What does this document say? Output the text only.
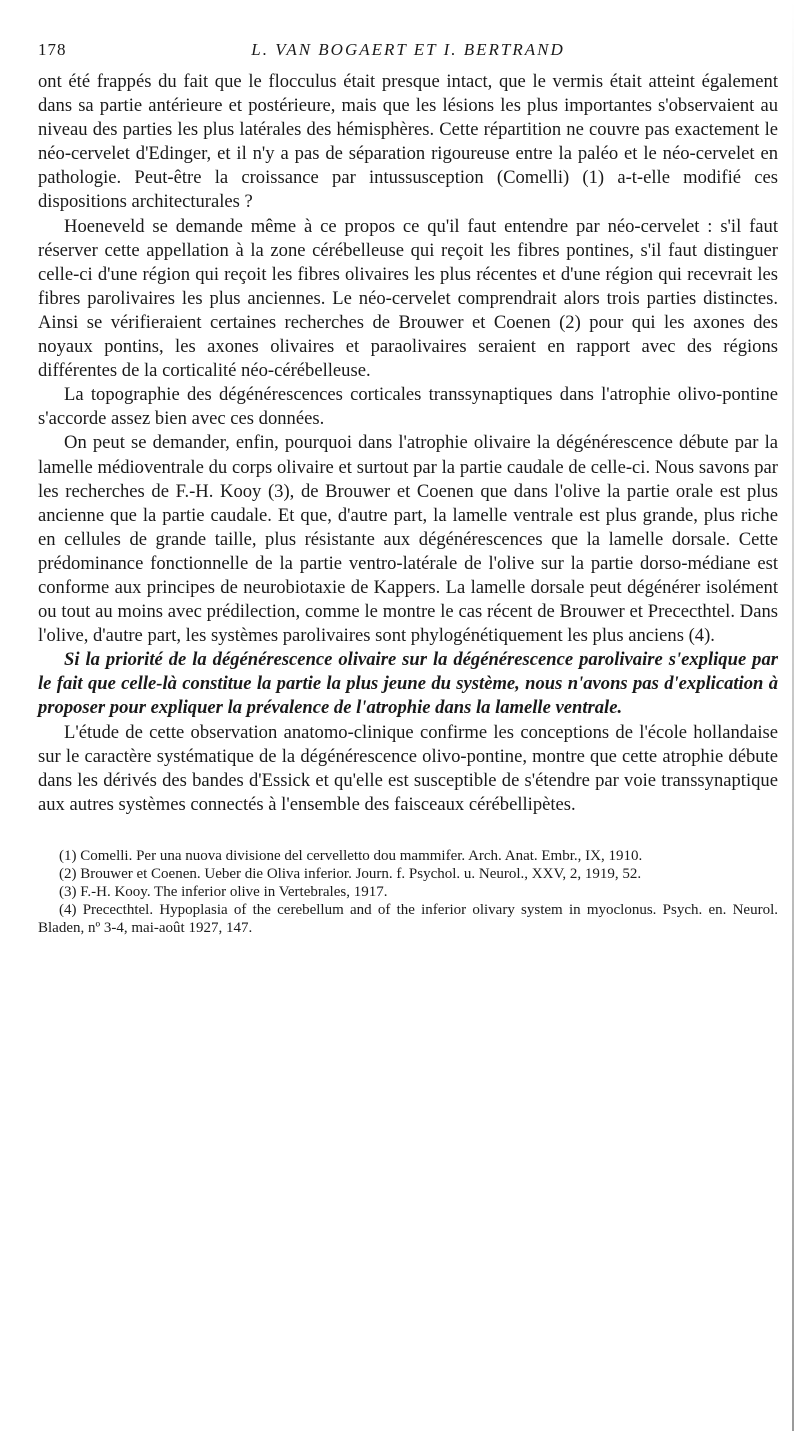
178	L. VAN BOGAERT ET I. BERTRAND

ont été frappés du fait que le flocculus était presque intact, que le vermis était atteint également dans sa partie antérieure et postérieure, mais que les lésions les plus importantes s'observaient au niveau des parties les plus latérales des hémisphères. Cette répartition ne couvre pas exactement le néo-cervelet d'Edinger, et il n'y a pas de séparation rigoureuse entre la paléo et le néo-cervelet en pathologie. Peut-être la croissance par intussusception (Comelli) (1) a-t-elle modifié ces dispositions architecturales ?

Hoeneveld se demande même à ce propos ce qu'il faut entendre par néo-cervelet : s'il faut réserver cette appellation à la zone cérébelleuse qui reçoit les fibres pontines, s'il faut distinguer celle-ci d'une région qui reçoit les fibres olivaires les plus récentes et d'une région qui recevrait les fibres parolivaires les plus anciennes. Le néo-cervelet comprendrait alors trois parties distinctes. Ainsi se vérifieraient certaines recherches de Brouwer et Coenen (2) pour qui les axones des noyaux pontins, les axones olivaires et paraolivaires seraient en rapport avec des régions différentes de la corticalité néo-cérébelleuse.

La topographie des dégénérescences corticales transsynaptiques dans l'atrophie olivo-pontine s'accorde assez bien avec ces données.

On peut se demander, enfin, pourquoi dans l'atrophie olivaire la dégénérescence débute par la lamelle médioventrale du corps olivaire et surtout par la partie caudale de celle-ci. Nous savons par les recherches de F.-H. Kooy (3), de Brouwer et Coenen que dans l'olive la partie orale est plus ancienne que la partie caudale. Et que, d'autre part, la lamelle ventrale est plus grande, plus riche en cellules de grande taille, plus résistante aux dégénérescences que la lamelle dorsale. Cette prédominance fonctionnelle de la partie ventro-latérale de l'olive sur la partie dorso-médiane est conforme aux principes de neurobiotaxie de Kappers. La lamelle dorsale peut dégénérer isolément ou tout au moins avec prédilection, comme le montre le cas récent de Brouwer et Prececthtel. Dans l'olive, d'autre part, les systèmes parolivaires sont phylogénétiquement les plus anciens (4).

Si la priorité de la dégénérescence olivaire sur la dégénérescence parolivaire s'explique par le fait que celle-là constitue la partie la plus jeune du système, nous n'avons pas d'explication à proposer pour expliquer la prévalence de l'atrophie dans la lamelle ventrale.

L'étude de cette observation anatomo-clinique confirme les conceptions de l'école hollandaise sur le caractère systématique de la dégénérescence olivo-pontine, montre que cette atrophie débute dans les dérivés des bandes d'Essick et qu'elle est susceptible de s'étendre par voie transsynaptique aux autres systèmes connectés à l'ensemble des faisceaux cérébellipètes.

(1) Comelli. Per una nuova divisione del cervelletto dou mammifer. Arch. Anat. Embr., IX, 1910.

(2) Brouwer et Coenen. Ueber die Oliva inferior. Journ. f. Psychol. u. Neurol., XXV, 2, 1919, 52.

(3) F.-H. Kooy. The inferior olive in Vertebrales, 1917.

(4) Prececthtel. Hypoplasia of the cerebellum and of the inferior olivary system in myoclonus. Psych. en. Neurol. Bladen, nº 3-4, mai-août 1927, 147.
